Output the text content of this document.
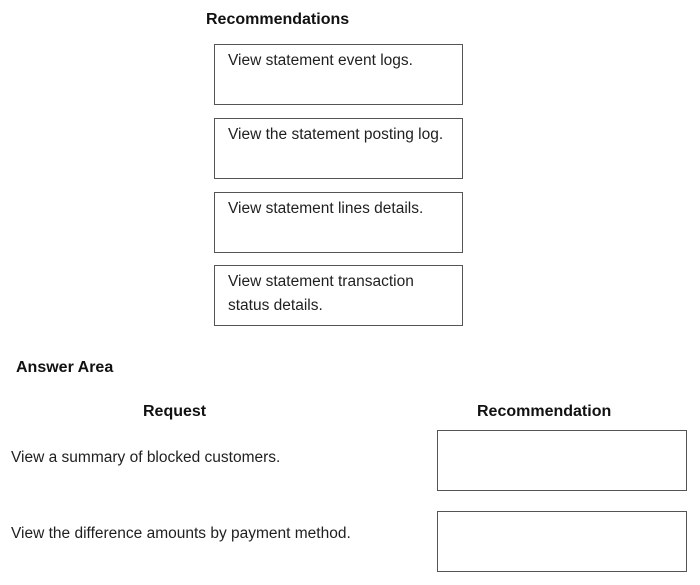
Recommendations
View statement event logs.
View the statement posting log.
View statement lines details.
View statement transaction status details.
Answer Area
Request	Recommendation
View a summary of blocked customers.
View the difference amounts by payment method.
